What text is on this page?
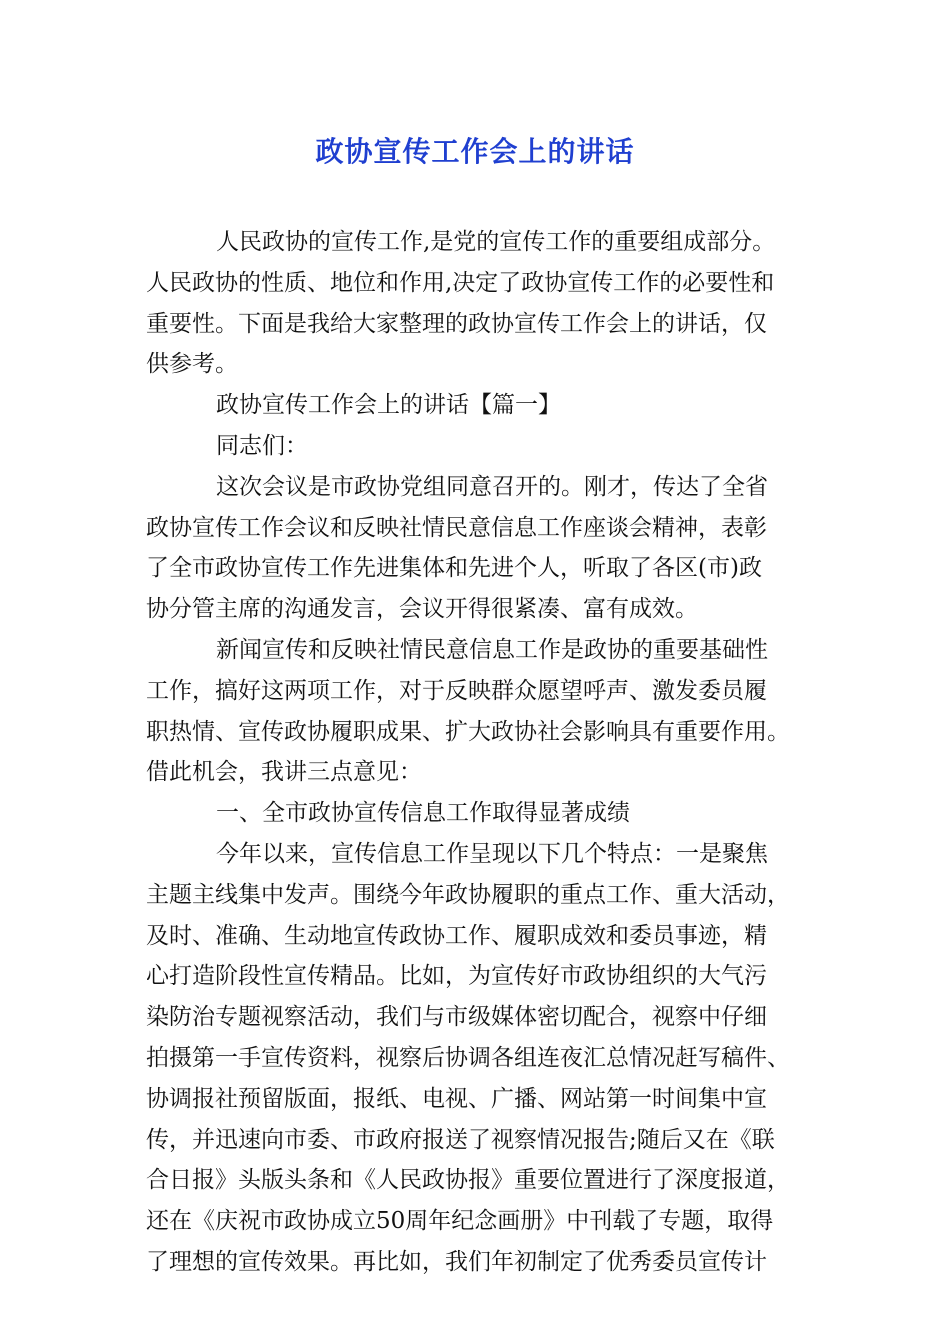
政协宣传工作会上的讲话
人民政协的宣传工作,是党的宣传工作的重要组成部分。
人民政协的性质、地位和作用,决定了政协宣传工作的必要性和
重要性。下面是我给大家整理的政协宣传工作会上的讲话，仅
供参考。
政协宣传工作会上的讲话【篇一】
同志们：
这次会议是市政协党组同意召开的。刚才，传达了全省
政协宣传工作会议和反映社情民意信息工作座谈会精神，表彰
了全市政协宣传工作先进集体和先进个人，听取了各区(市)政
协分管主席的沟通发言，会议开得很紧凑、富有成效。
新闻宣传和反映社情民意信息工作是政协的重要基础性
工作，搞好这两项工作，对于反映群众愿望呼声、激发委员履
职热情、宣传政协履职成果、扩大政协社会影响具有重要作用。
借此机会，我讲三点意见：
一、全市政协宣传信息工作取得显著成绩
今年以来，宣传信息工作呈现以下几个特点：一是聚焦
主题主线集中发声。围绕今年政协履职的重点工作、重大活动，
及时、准确、生动地宣传政协工作、履职成效和委员事迹，精
心打造阶段性宣传精品。比如，为宣传好市政协组织的大气污
染防治专题视察活动，我们与市级媒体密切配合，视察中仔细
拍摄第一手宣传资料，视察后协调各组连夜汇总情况赶写稿件、
协调报社预留版面，报纸、电视、广播、网站第一时间集中宣
传，并迅速向市委、市政府报送了视察情况报告;随后又在《联
合日报》头版头条和《人民政协报》重要位置进行了深度报道，
还在《庆祝市政协成立50周年纪念画册》中刊载了专题，取得
了理想的宣传效果。再比如，我们年初制定了优秀委员宣传计
